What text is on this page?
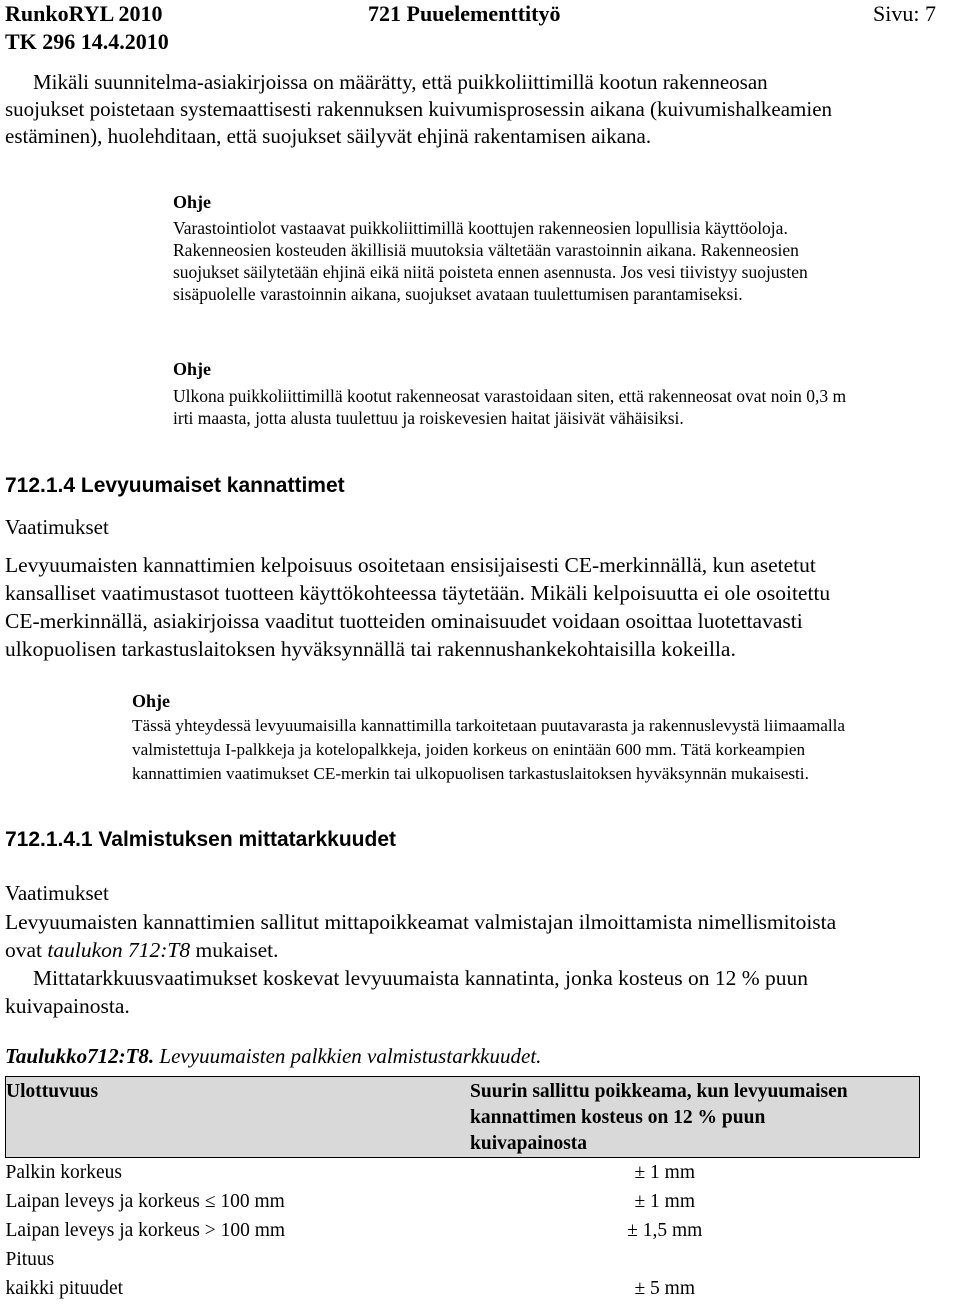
RunkoRYL 2010
TK 296 14.4.2010
721 Puuelementtityö	Sivu: 7
Mikäli suunnitelma-asiakirjoissa on määrätty, että puikkoliittimillä kootun rakenneosan
suojukset poistetaan systemaattisesti rakennuksen kuivumisprosessin aikana (kuivumishalkeamien
estäminen), huolehditaan, että suojukset säilyvät ehjinä rakentamisen aikana.
Ohje
Varastointiolot vastaavat puikkoliittimillä koottujen rakenneosien lopullisia käyttöoloja.
Rakenneosien kosteuden äkillisiä muutoksia vältetään varastoinnin aikana. Rakenneosien
suojukset säilytetään ehjinä eikä niitä poisteta ennen asennusta. Jos vesi tiivistyy suojusten
sisäpuolelle varastoinnin aikana, suojukset avataan tuulettumisen parantamiseksi.
Ohje
Ulkona puikkoliittimillä kootut rakenneosat varastoidaan siten, että rakenneosat ovat noin 0,3 m
irti maasta, jotta alusta tuulettuu ja roiskevesien haitat jäisivät vähäisiksi.
712.1.4 Levyuumaiset kannattimet
Vaatimukset
Levyuumaisten kannattimien kelpoisuus osoitetaan ensisijaisesti CE-merkinnällä, kun asetetut
kansalliset vaatimustasot tuotteen käyttökohteessa täytetään. Mikäli kelpoisuutta ei ole osoitettu
CE-merkinnällä, asiakirjoissa vaaditut tuotteiden ominaisuudet voidaan osoittaa luotettavasti
ulkopuolisen tarkastuslaitoksen hyväksynnällä tai rakennushankekohtaisilla kokeilla.
Ohje
Tässä yhteydessä levyuumaisilla kannattimilla tarkoitetaan puutavarasta ja rakennuslevystä liimaamalla
valmistettuja I-palkkeja ja kotelopalkkeja, joiden korkeus on enintään 600 mm. Tätä korkeampien
kannattimien vaatimukset CE-merkin tai ulkopuolisen tarkastuslaitoksen hyväksynnän mukaisesti.
712.1.4.1 Valmistuksen mittatarkkuudet
Vaatimukset
Levyuumaisten kannattimien sallitut mittapoikkeamat valmistajan ilmoittamista nimellismitoista
ovat taulukon 712:T8 mukaiset.
Mittatarkkuusvaatimukset koskevat levyuumaista kannatinta, jonka kosteus on 12 % puun
kuivapainosta.
Taulukko712:T8. Levyuumaisten palkkien valmistustarkkuudet.
Ulottuvuus	Suurin sallittu poikkeama, kun levyuumaisen
kannattimen kosteus on 12 % puun
kuivapainosta

Palkin korkeus	± 1 mm
Laipan leveys ja korkeus ≤ 100 mm	± 1 mm
Laipan leveys ja korkeus > 100 mm	± 1,5 mm
Pituus	
kaikki pituudet	± 5 mm
